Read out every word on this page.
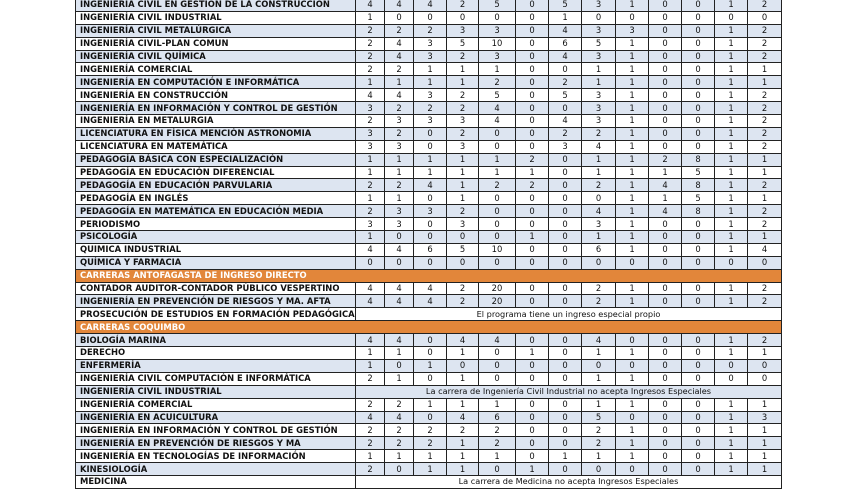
INGENIERÍA CIVIL EN GESTIÓN DE LA CONSTRUCCIÓN	4	4	4	2	5	0	5	3	1	0	0	1	2
INGENIERÍA CIVIL INDUSTRIAL	1	0	0	0	0	0	1	0	0	0	0	0	0
INGENIERÍA CIVIL METALÚRGICA	2	2	2	3	3	0	4	3	3	0	0	1	2
INGENIERÍA CIVIL-PLAN COMUN	2	4	3	5	10	0	6	5	1	0	0	1	2
INGENIERÍA CIVIL QUÍMICA	2	4	3	2	3	0	4	3	1	0	0	1	2
INGENIERÍA COMERCIAL	2	2	1	1	1	0	0	1	1	0	0	1	1
INGENIERÍA EN COMPUTACIÓN E INFORMÁTICA	1	1	1	1	2	0	2	1	1	0	0	1	1
INGENIERÍA EN CONSTRUCCIÓN	4	4	3	2	5	0	5	3	1	0	0	1	2
INGENIERÍA EN INFORMACIÓN Y CONTROL DE GESTIÓN	3	2	2	2	4	0	0	3	1	0	0	1	2
INGENIERÍA EN METALURGIA	2	3	3	3	4	0	4	3	1	0	0	1	2
LICENCIATURA EN FÍSICA MENCIÓN ASTRONOMIA	3	2	0	2	0	0	2	2	1	0	0	1	2
LICENCIATURA EN MATEMÁTICA	3	3	0	3	0	0	3	4	1	0	0	1	2
PEDAGOGÍA BÁSICA CON ESPECIALIZACIÓN	1	1	1	1	1	2	0	1	1	2	8	1	1
PEDAGOGÍA EN EDUCACIÓN DIFERENCIAL	1	1	1	1	1	1	0	1	1	1	5	1	1
PEDAGOGÍA EN EDUCACIÓN PARVULARIA	2	2	4	1	2	2	0	2	1	4	8	1	2
PEDAGOGÍA EN INGLÉS	1	1	0	1	0	0	0	0	1	1	5	1	1
PEDAGOGÍA EN MATEMÁTICA EN EDUCACIÓN MEDIA	2	3	3	2	0	0	0	4	1	4	8	1	2
PERIODISMO	3	3	0	3	0	0	0	3	1	0	0	1	2
PSICOLOGÍA	1	0	0	0	0	1	0	1	1	0	0	1	1
QUIMICA INDUSTRIAL	4	4	6	5	10	0	0	6	1	0	0	1	4
QUÍMICA Y FARMACIA	0	0	0	0	0	0	0	0	0	0	0	0	0
CARRERAS ANTOFAGASTA DE INGRESO DIRECTO													
CONTADOR AUDITOR-CONTADOR PÚBLICO VESPERTINO	4	4	4	2	20	0	0	2	1	0	0	1	2
INGENIERÍA EN PREVENCIÓN DE RIESGOS Y MA. AFTA	4	4	4	2	20	0	0	2	1	0	0	1	2
PROSECUCIÓN DE ESTUDIOS EN FORMACIÓN PEDAGÓGICA	El programa tiene un ingreso especial propio												
CARRERAS COQUIMBO													
BIOLOGÍA MARINA	4	4	0	4	4	0	0	4	0	0	0	1	2
DERECHO	1	1	0	1	0	1	0	1	1	0	0	1	1
ENFERMERÍA	1	0	1	0	0	0	0	0	0	0	0	0	0
INGENIERÍA CIVIL COMPUTACIÓN E INFORMÁTICA	2	1	0	1	0	0	0	1	1	0	0	0	0
INGENIERÍA CIVIL INDUSTRIAL	La carrera de Ingeniería Civil Industrial no acepta Ingresos Especiales												
INGENIERÍA COMERCIAL	2	2	1	1	1	0	0	1	1	0	0	1	1
INGENIERÍA EN ACUICULTURA	4	4	0	4	6	0	0	5	0	0	0	1	3
INGENIERÍA EN INFORMACIÓN Y CONTROL DE GESTIÓN	2	2	2	2	2	0	0	2	1	0	0	1	1
INGENIERÍA EN PREVENCIÓN DE RIESGOS Y MA	2	2	2	1	2	0	0	2	1	0	0	1	1
INGENIERÍA EN TECNOLOGÍAS DE INFORMACIÓN	1	1	1	1	1	0	1	1	1	0	0	1	1
KINESIOLOGÍA	2	0	1	1	0	1	0	0	0	0	0	1	1
MEDICINA	La carrera de Medicina no acepta Ingresos Especiales												
